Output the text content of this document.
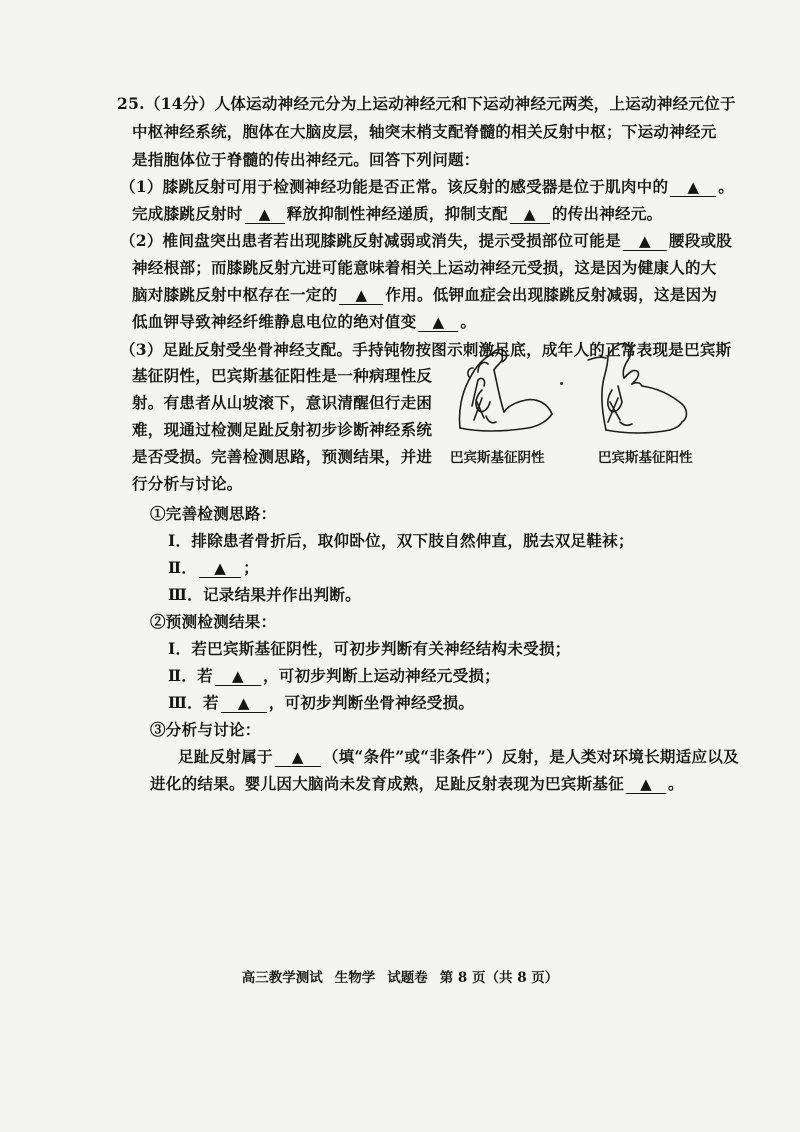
25.（14分）人体运动神经元分为上运动神经元和下运动神经元两类，上运动神经元位于
中枢神经系统，胞体在大脑皮层，轴突末梢支配脊髓的相关反射中枢；下运动神经元
是指胞体位于脊髓的传出神经元。回答下列问题：
（1）膝跳反射可用于检测神经功能是否正常。该反射的感受器是位于肌肉中的 ▲ 。
完成膝跳反射时 ▲ 释放抑制性神经递质，抑制支配 ▲ 的传出神经元。
（2）椎间盘突出患者若出现膝跳反射减弱或消失，提示受损部位可能是 ▲ 腰段或股
神经根部；而膝跳反射亢进可能意味着相关上运动神经元受损，这是因为健康人的大
脑对膝跳反射中枢存在一定的 ▲ 作用。低钾血症会出现膝跳反射减弱，这是因为
低血钾导致神经纤维静息电位的绝对值变 ▲ 。
（3）足趾反射受坐骨神经支配。手持钝物按图示刺激足底，成年人的正常表现是巴宾斯
基征阴性，巴宾斯基征阳性是一种病理性反
射。有患者从山坡滚下，意识清醒但行走困
难，现通过检测足趾反射初步诊断神经系统
是否受损。完善检测思路，预测结果，并进
行分析与讨论。
巴宾斯基征阴性	巴宾斯基征阳性
①完善检测思路：
Ⅰ．排除患者骨折后，取仰卧位，双下肢自然伸直，脱去双足鞋袜；
Ⅱ． ▲ ；
Ⅲ．记录结果并作出判断。
②预测检测结果：
Ⅰ．若巴宾斯基征阴性，可初步判断有关神经结构未受损；
Ⅱ．若 ▲ ，可初步判断上运动神经元受损；
Ⅲ．若 ▲ ，可初步判断坐骨神经受损。
③分析与讨论：
足趾反射属于 ▲ （填“条件”或“非条件”）反射，是人类对环境长期适应以及
进化的结果。婴儿因大脑尚未发育成熟，足趾反射表现为巴宾斯基征 ▲ 。
高三教学测试 生物学 试题卷 第 8 页（共 8 页）
